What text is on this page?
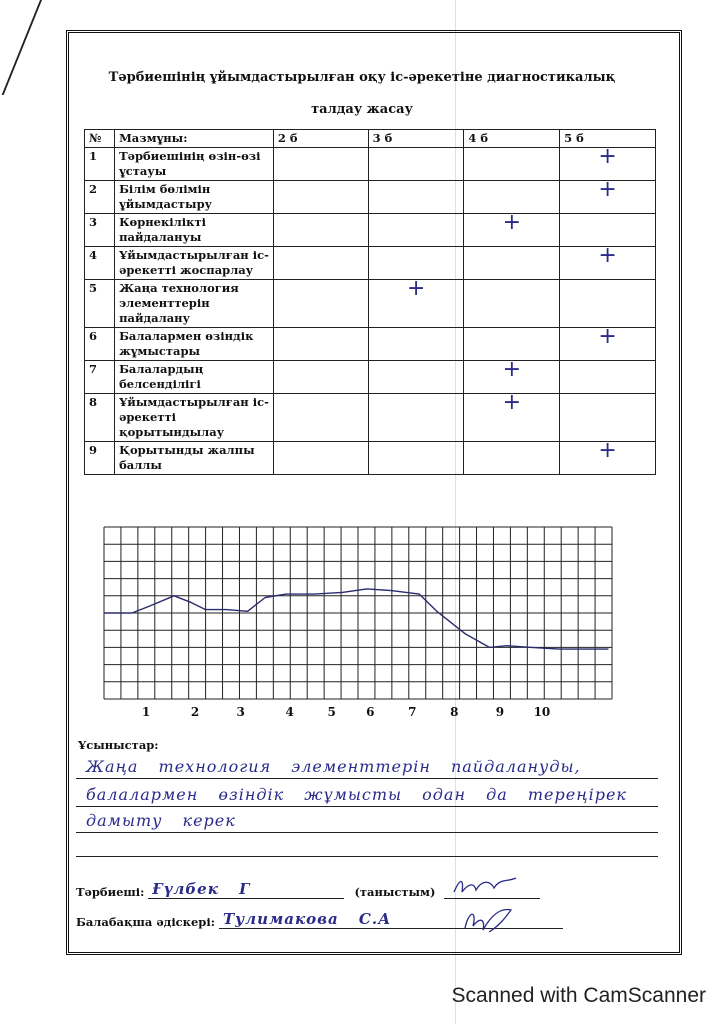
Тәрбиешінің ұйымдастырылған оқу іс-әрекетіне диагностикалық
талдау жасау
№	Мазмұны:	2 б	3 б	4 б	5 б
1	Тәрбиешінің өзін-өзі ұстауы				+

2	Білім бөлімін ұйымдастыру				+

3	Көрнекілікті пайдалануы			+	

4	Ұйымдастырылған іс-әрекетті жоспарлау				+

5	Жаңа технология элементтерін пайдалану		+		

6	Балалармен өзіндік жұмыстары				+

7	Балалардың белсенділігі			+	

8	Ұйымдастырылған іс-әрекетті қорытындылау			+	

9	Қорытынды жалпы баллы				+
1	2	3	4	5	6	7	8	9 10
Ұсыныстар:
Жаңа технология элементтерін пайдалануды,
балалармен өзіндік жұмысты одан да тереңірек
дамыту керек
Тәрбиеші: Ғүлбек Г	(таныстым)
Балабақша әдіскері: Тулимакова С.А
Scanned with CamScanner
